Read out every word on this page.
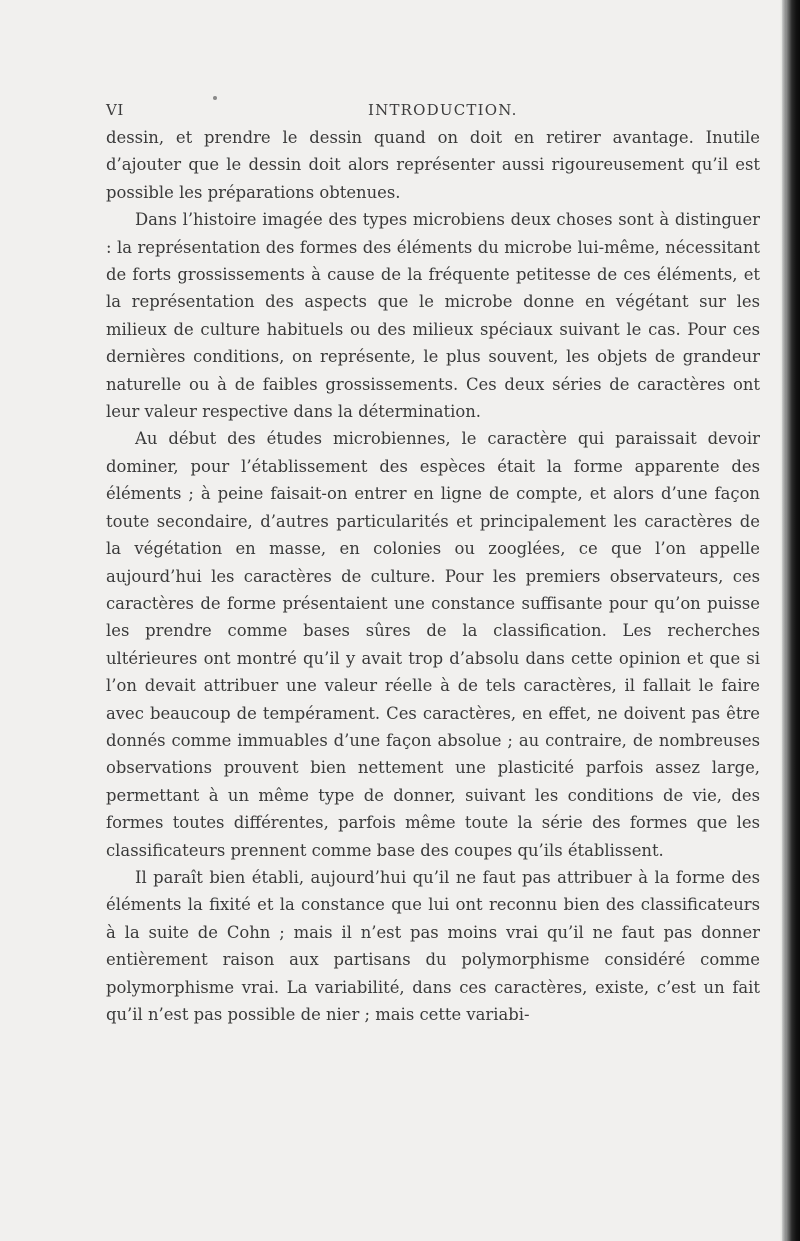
VI	INTRODUCTION.

dessin, et prendre le dessin quand on doit en retirer avantage. Inutile d’ajouter que le dessin doit alors représenter aussi rigoureusement qu’il est possible les préparations obtenues.

Dans l’histoire imagée des types microbiens deux choses sont à distinguer : la représentation des formes des éléments du microbe lui-même, nécessitant de forts grossissements à cause de la fréquente petitesse de ces éléments, et la représentation des aspects que le microbe donne en végétant sur les milieux de culture habituels ou des milieux spéciaux suivant le cas. Pour ces dernières conditions, on représente, le plus souvent, les objets de grandeur naturelle ou à de faibles grossissements. Ces deux séries de caractères ont leur valeur respective dans la détermination.

Au début des études microbiennes, le caractère qui paraissait devoir dominer, pour l’établissement des espèces était la forme apparente des éléments ; à peine faisait-on entrer en ligne de compte, et alors d’une façon toute secondaire, d’autres particularités et principalement les caractères de la végétation en masse, en colonies ou zooglées, ce que l’on appelle aujourd’hui les caractères de culture. Pour les premiers observateurs, ces caractères de forme présentaient une constance suffisante pour qu’on puisse les prendre comme bases sûres de la classification. Les recherches ultérieures ont montré qu’il y avait trop d’absolu dans cette opinion et que si l’on devait attribuer une valeur réelle à de tels caractères, il fallait le faire avec beaucoup de tempérament. Ces caractères, en effet, ne doivent pas être donnés comme immuables d’une façon absolue ; au contraire, de nombreuses observations prouvent bien nettement une plasticité parfois assez large, permettant à un même type de donner, suivant les conditions de vie, des formes toutes différentes, parfois même toute la série des formes que les classificateurs prennent comme base des coupes qu’ils établissent.

Il paraît bien établi, aujourd’hui qu’il ne faut pas attribuer à la forme des éléments la fixité et la constance que lui ont reconnu bien des classificateurs à la suite de Cohn ; mais il n’est pas moins vrai qu’il ne faut pas donner entièrement raison aux partisans du polymorphisme considéré comme polymorphisme vrai. La variabilité, dans ces caractères, existe, c’est un fait qu’il n’est pas possible de nier ; mais cette variabi-
